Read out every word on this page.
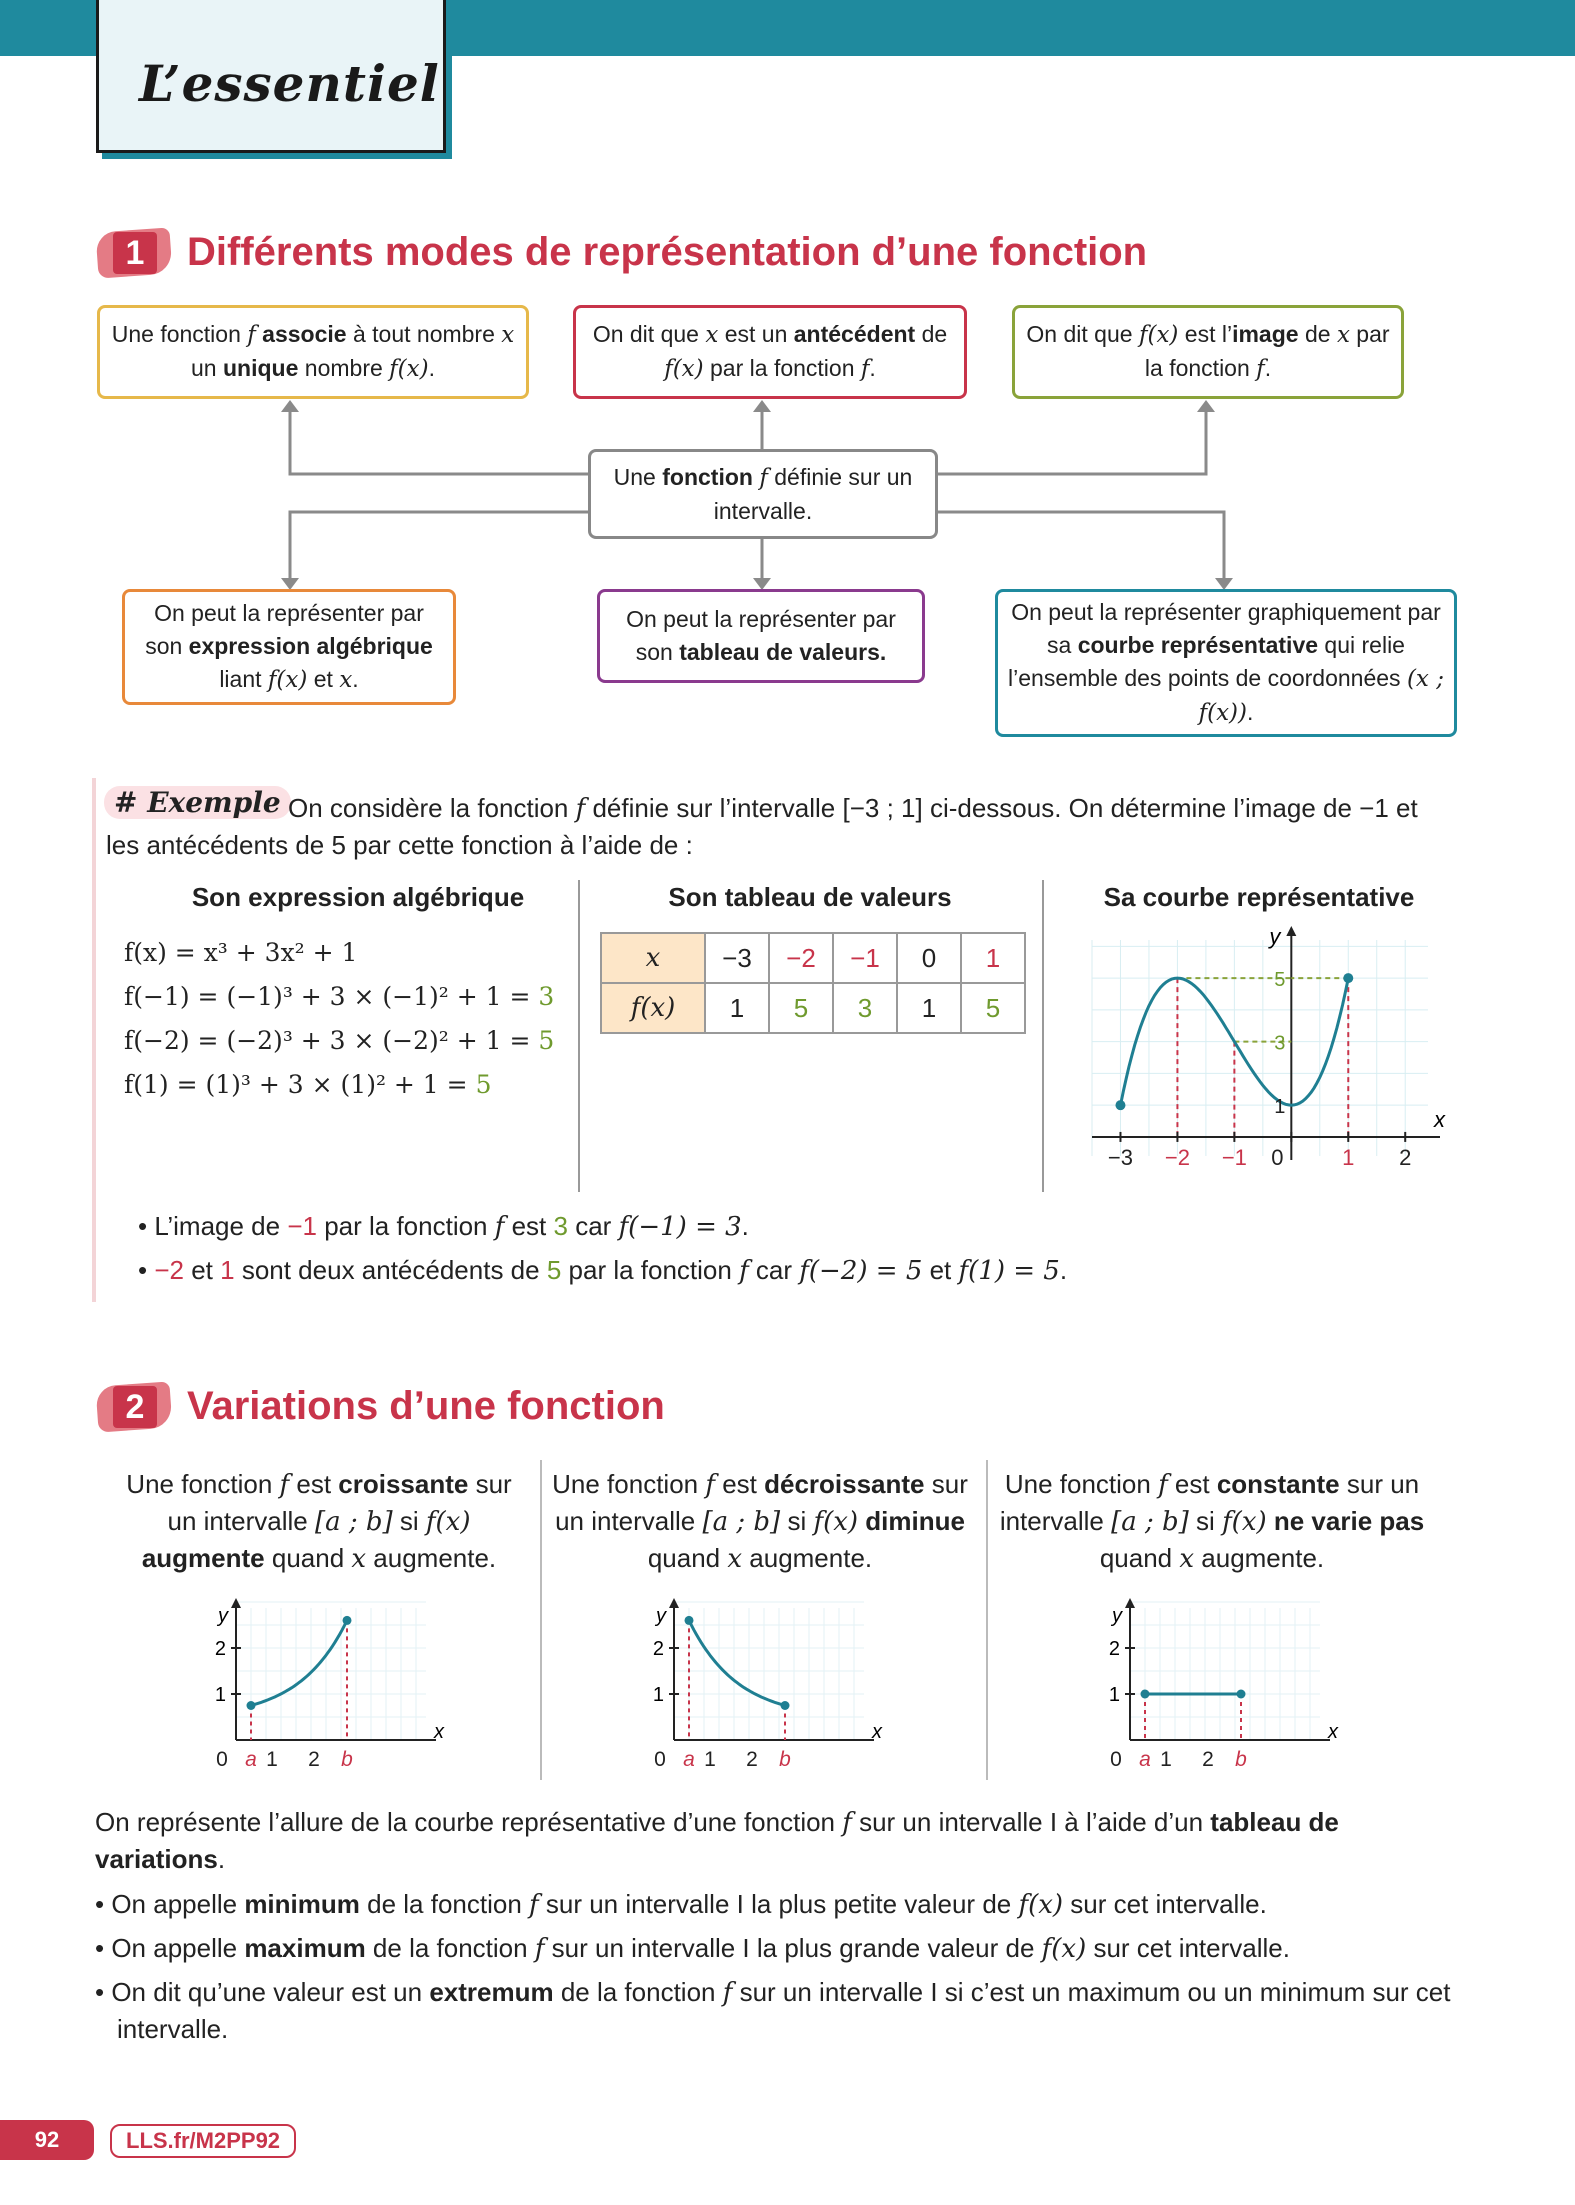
L’essentiel
1	Différents modes de représentation d’une fonction
Une fonction f associe à tout nombre x un unique nombre f(x).
On dit que x est un antécédent de f(x) par la fonction f.
On dit que f(x) est l’image de x par la fonction f.
Une fonction f définie sur un intervalle.
On peut la représenter par son expression algébrique liant f(x) et x.
On peut la représenter par son tableau de valeurs.
On peut la représenter graphiquement par sa courbe représentative qui relie l’ensemble des points de coordonnées (x ; f(x)).
# Exemple On considère la fonction f définie sur l’intervalle [−3 ; 1] ci-dessous. On détermine l’image de −1 et les antécédents de 5 par cette fonction à l’aide de :
Son expression algébrique	Son tableau de valeurs	Sa courbe représentative
f(x) = x³ + 3x² + 1
f(−1) = (−1)³ + 3 × (−1)² + 1 = 3
f(−2) = (−2)³ + 3 × (−2)² + 1 = 5
f(1) = (1)³ + 3 × (1)² + 1 = 5
x	−3	−2	−1	0	1
f(x)	1	5	3	1	5
x
y
−3 −2 −1 0	1 2
1
3
5
• L’image de −1 par la fonction f est 3 car f(−1) = 3.
• −2 et 1 sont deux antécédents de 5 par la fonction f car f(−2) = 5 et f(1) = 5.
2	Variations d’une fonction
Une fonction f est croissante sur un intervalle [a ; b] si f(x) augmente quand x augmente.
Une fonction f est décroissante sur un intervalle [a ; b] si f(x) diminue quand x augmente.
Une fonction f est constante sur un intervalle [a ; b] si f(x) ne varie pas quand x augmente.
y
x
0 a 1 2 b
1
2
y
x
0 a 1 2 b
1
2
y
x
0 a 1 2 b
1
2
On représente l’allure de la courbe représentative d’une fonction f sur un intervalle I à l’aide d’un tableau de variations.
• On appelle minimum de la fonction f sur un intervalle I la plus petite valeur de f(x) sur cet intervalle.
• On appelle maximum de la fonction f sur un intervalle I la plus grande valeur de f(x) sur cet intervalle.
• On dit qu’une valeur est un extremum de la fonction f sur un intervalle I si c’est un maximum ou un minimum sur cet intervalle.
92	LLS.fr/M2PP92
